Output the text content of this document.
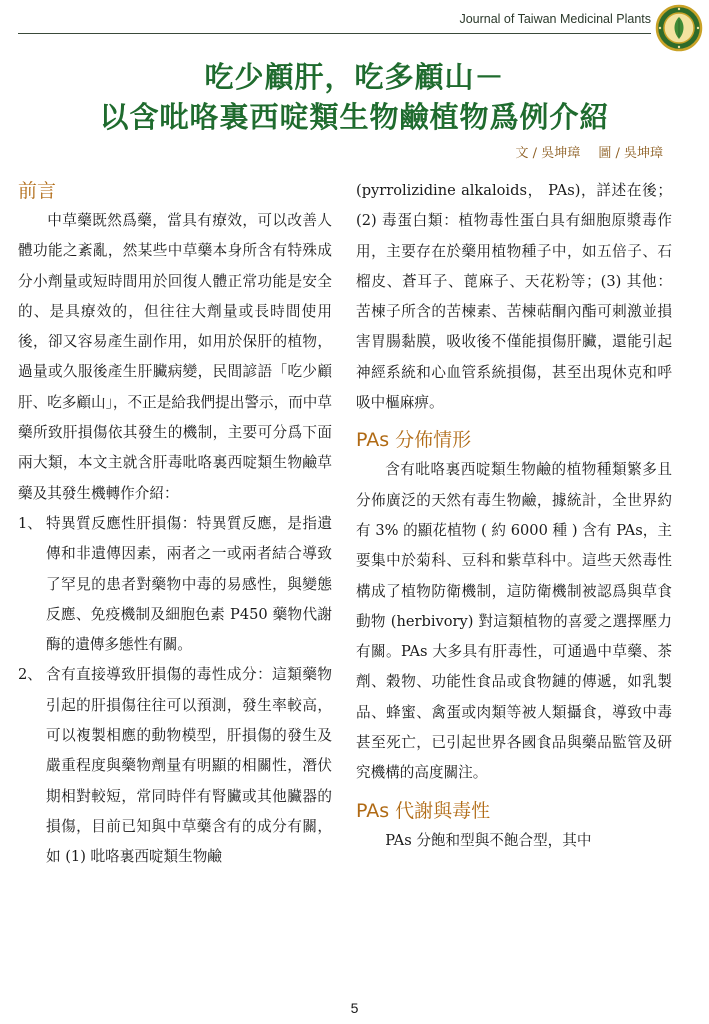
Journal of Taiwan Medicinal Plants
吃少顧肝，吃多顧山－
以含吡咯裏西啶類生物鹼植物爲例介紹
文 / 吳坤璋 圖 / 吳坤璋
前言

中草藥既然爲藥，當具有療效，可以改善人體功能之紊亂，然某些中草藥本身所含有特殊成分小劑量或短時間用於回復人體正常功能是安全的、是具療效的，但往往大劑量或長時間使用後，卻又容易產生副作用，如用於保肝的植物，過量或久服後產生肝臟病變，民間諺語「吃少顧肝、吃多顧山」，不正是給我們提出警示，而中草藥所致肝損傷依其發生的機制，主要可分爲下面兩大類，本文主就含肝毒吡咯裏西啶類生物鹼草藥及其發生機轉作介紹：

1、 特異質反應性肝損傷：特異質反應，是指遺傳和非遺傳因素，兩者之一或兩者結合導致了罕見的患者對藥物中毒的易感性，與變態反應、免疫機制及細胞色素 P450 藥物代謝酶的遺傳多態性有關。
2、 含有直接導致肝損傷的毒性成分：這類藥物引起的肝損傷往往可以預測，發生率較高，可以複製相應的動物模型，肝損傷的發生及嚴重程度與藥物劑量有明顯的相關性，潛伏期相對較短，常同時伴有腎臟或其他臟器的損傷，目前已知與中草藥含有的成分有關，如 (1) 吡咯裏西啶類生物鹼

(pyrrolizidine alkaloids， PAs)，詳述在後；(2) 毒蛋白類：植物毒性蛋白具有細胞原漿毒作用，主要存在於藥用植物種子中，如五倍子、石榴皮、蒼耳子、蓖麻子、天花粉等；(3) 其他：苦楝子所含的苦楝素、苦楝萜酮內酯可刺激並損害胃腸黏膜，吸收後不僅能損傷肝臟，還能引起神經系統和心血管系統損傷，甚至出現休克和呼吸中樞麻痹。

PAs 分佈情形

含有吡咯裏西啶類生物鹼的植物種類繁多且分佈廣泛的天然有毒生物鹼，據統計，全世界約有 3% 的顯花植物 ( 約 6000 種 ) 含有 PAs，主要集中於菊科、豆科和紫草科中。這些天然毒性構成了植物防衛機制，這防衛機制被認爲與草食動物 (herbivory) 對這類植物的喜愛之選擇壓力有關。PAs 大多具有肝毒性，可通過中草藥、茶劑、穀物、功能性食品或食物鏈的傳遞，如乳製品、蜂蜜、禽蛋或肉類等被人類攝食，導致中毒甚至死亡，已引起世界各國食品與藥品監管及研究機構的高度關注。

PAs 代謝與毒性

PAs 分飽和型與不飽合型，其中

5
